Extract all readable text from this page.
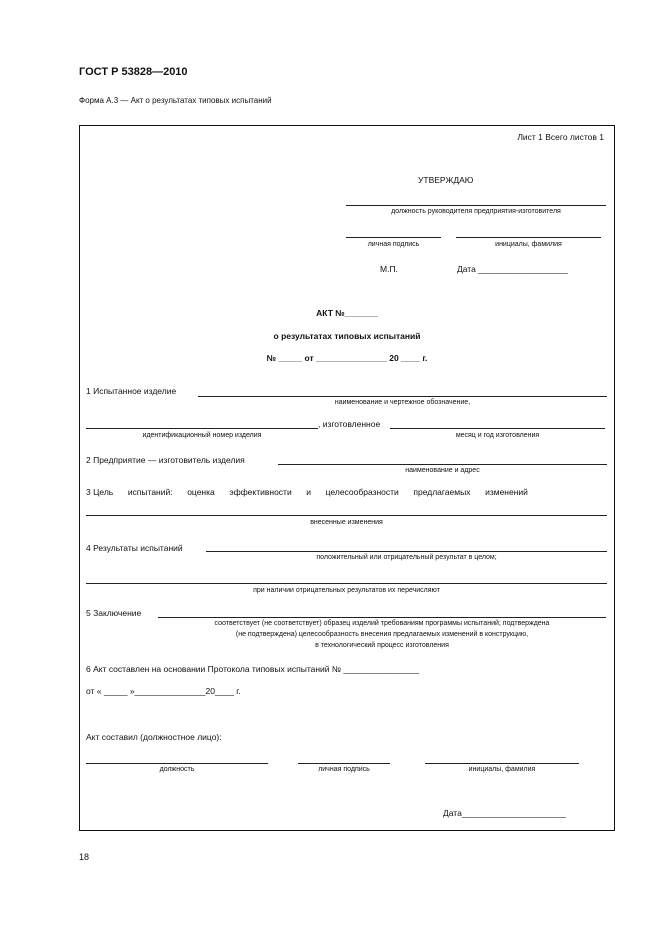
ГОСТ Р 53828—2010
Форма А.3 — Акт о результатах типовых испытаний
Лист 1 Всего листов 1
УТВЕРЖДАЮ
должность руководителя предприятия-изготовителя
личная подпись	инициалы, фамилия
М.П.	Дата ___________________
АКТ №_______
о результатах типовых испытаний
№ _____ от _______________ 20 ____ г.
1 Испытанное изделие
наименование и чертежное обозначение,
, изготовленное
идентификационный номер изделия	месяц и год изготовления
2 Предприятие — изготовитель изделия
наименование и адрес
3 Цель испытаний: оценка эффективности и целесообразности предлагаемых изменений
внесенные изменения
4 Результаты испытаний
положительный или отрицательный результат в целом;
при наличии отрицательных результатов их перечисляют
5 Заключение
соответствует (не соответствует) образец изделий требованиям программы испытаний; подтверждена
(не подтверждена) целесообразность внесения предлагаемых изменений в конструкцию,
в технологический процесс изготовления
6 Акт составлен на основании Протокола типовых испытаний № ________________
от « _____ »_______________20____ г.
Акт составил (должностное лицо):
должность	личная подпись	инициалы, фамилия
Дата______________________
18
